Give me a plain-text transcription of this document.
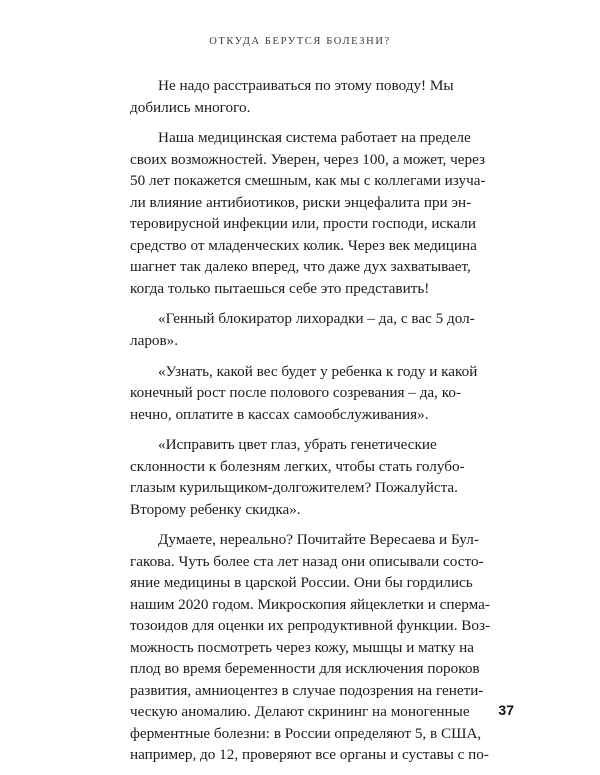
ОТКУДА БЕРУТСЯ БОЛЕЗНИ?
Не надо расстраиваться по этому поводу! Мы
добились многого.
Наша медицинская система работает на пределе
своих возможностей. Уверен, через 100, а может, через
50 лет покажется смешным, как мы с коллегами изуча-
ли влияние антибиотиков, риски энцефалита при эн-
теровирусной инфекции или, прости господи, искали
средство от младенческих колик. Через век медицина
шагнет так далеко вперед, что даже дух захватывает,
когда только пытаешься себе это представить!
«Генный блокиратор лихорадки – да, с вас 5 дол-
ларов».
«Узнать, какой вес будет у ребенка к году и какой
конечный рост после полового созревания – да, ко-
нечно, оплатите в кассах самообслуживания».
«Исправить цвет глаз, убрать генетические
склонности к болезням легких, чтобы стать голубо-
глазым курильщиком-долгожителем? Пожалуйста.
Второму ребенку скидка».
Думаете, нереально? Почитайте Вересаева и Бул-
гакова. Чуть более ста лет назад они описывали состо-
яние медицины в царской России. Они бы гордились
нашим 2020 годом. Микроскопия яйцеклетки и сперма-
тозоидов для оценки их репродуктивной функции. Воз-
можность посмотреть через кожу, мышцы и матку на
плод во время беременности для исключения пороков
развития, амниоцентез в случае подозрения на генети-
ческую аномалию. Делают скрининг на моногенные
ферментные болезни: в России определяют 5, в США,
например, до 12, проверяют все органы и суставы с по-
37
